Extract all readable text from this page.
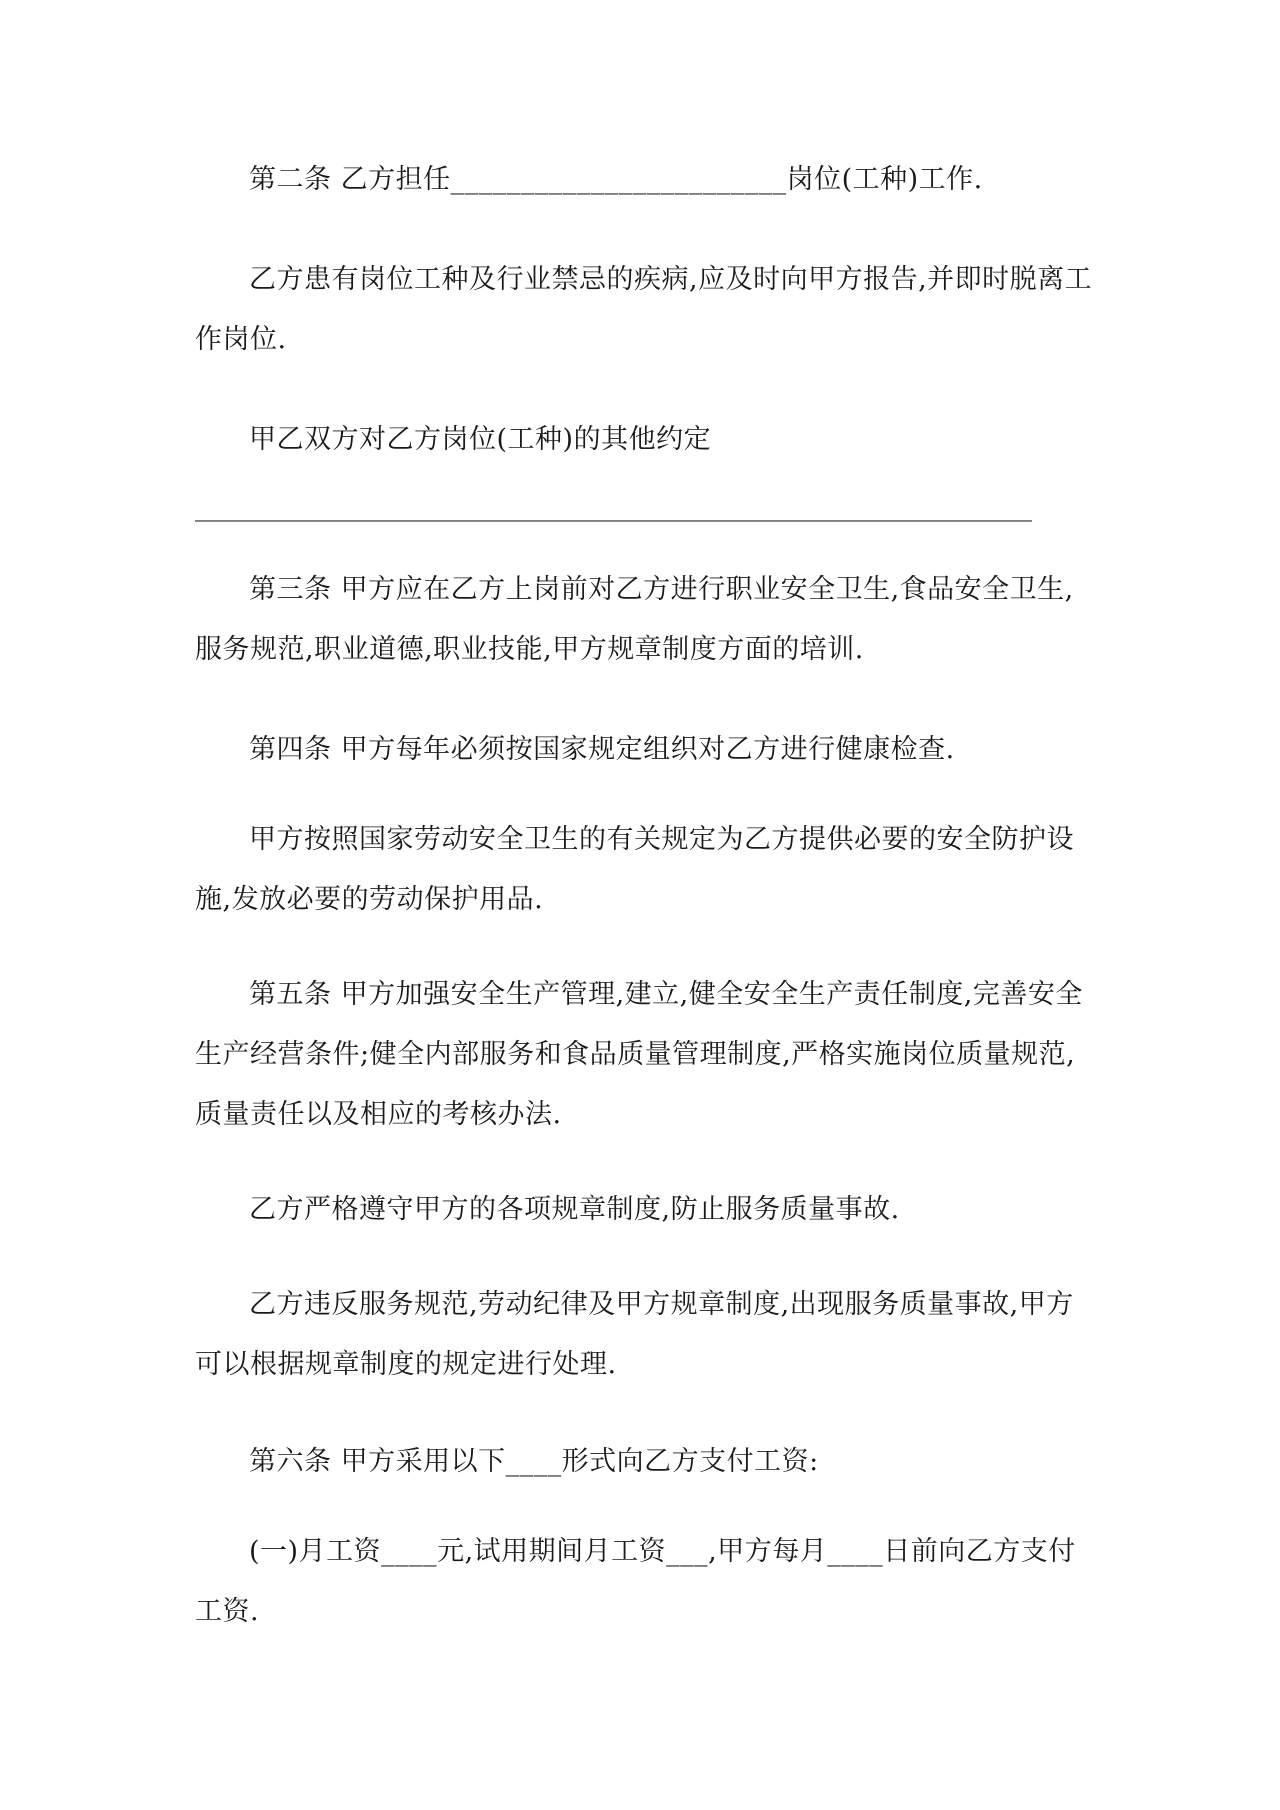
第二条 乙方担任________________________岗位(工种)工作.

乙方患有岗位工种及行业禁忌的疾病,应及时向甲方报告,并即时脱离工作岗位.

甲乙双方对乙方岗位(工种)的其他约定

______________________________________________________________

第三条 甲方应在乙方上岗前对乙方进行职业安全卫生,食品安全卫生,服务规范,职业道德,职业技能,甲方规章制度方面的培训.

第四条 甲方每年必须按国家规定组织对乙方进行健康检查.

甲方按照国家劳动安全卫生的有关规定为乙方提供必要的安全防护设施,发放必要的劳动保护用品.

第五条 甲方加强安全生产管理,建立,健全安全生产责任制度,完善安全生产经营条件;健全内部服务和食品质量管理制度,严格实施岗位质量规范,质量责任以及相应的考核办法.

乙方严格遵守甲方的各项规章制度,防止服务质量事故.

乙方违反服务规范,劳动纪律及甲方规章制度,出现服务质量事故,甲方可以根据规章制度的规定进行处理.

第六条 甲方采用以下____形式向乙方支付工资:

(一)月工资____元,试用期间月工资___,甲方每月____日前向乙方支付工资.
